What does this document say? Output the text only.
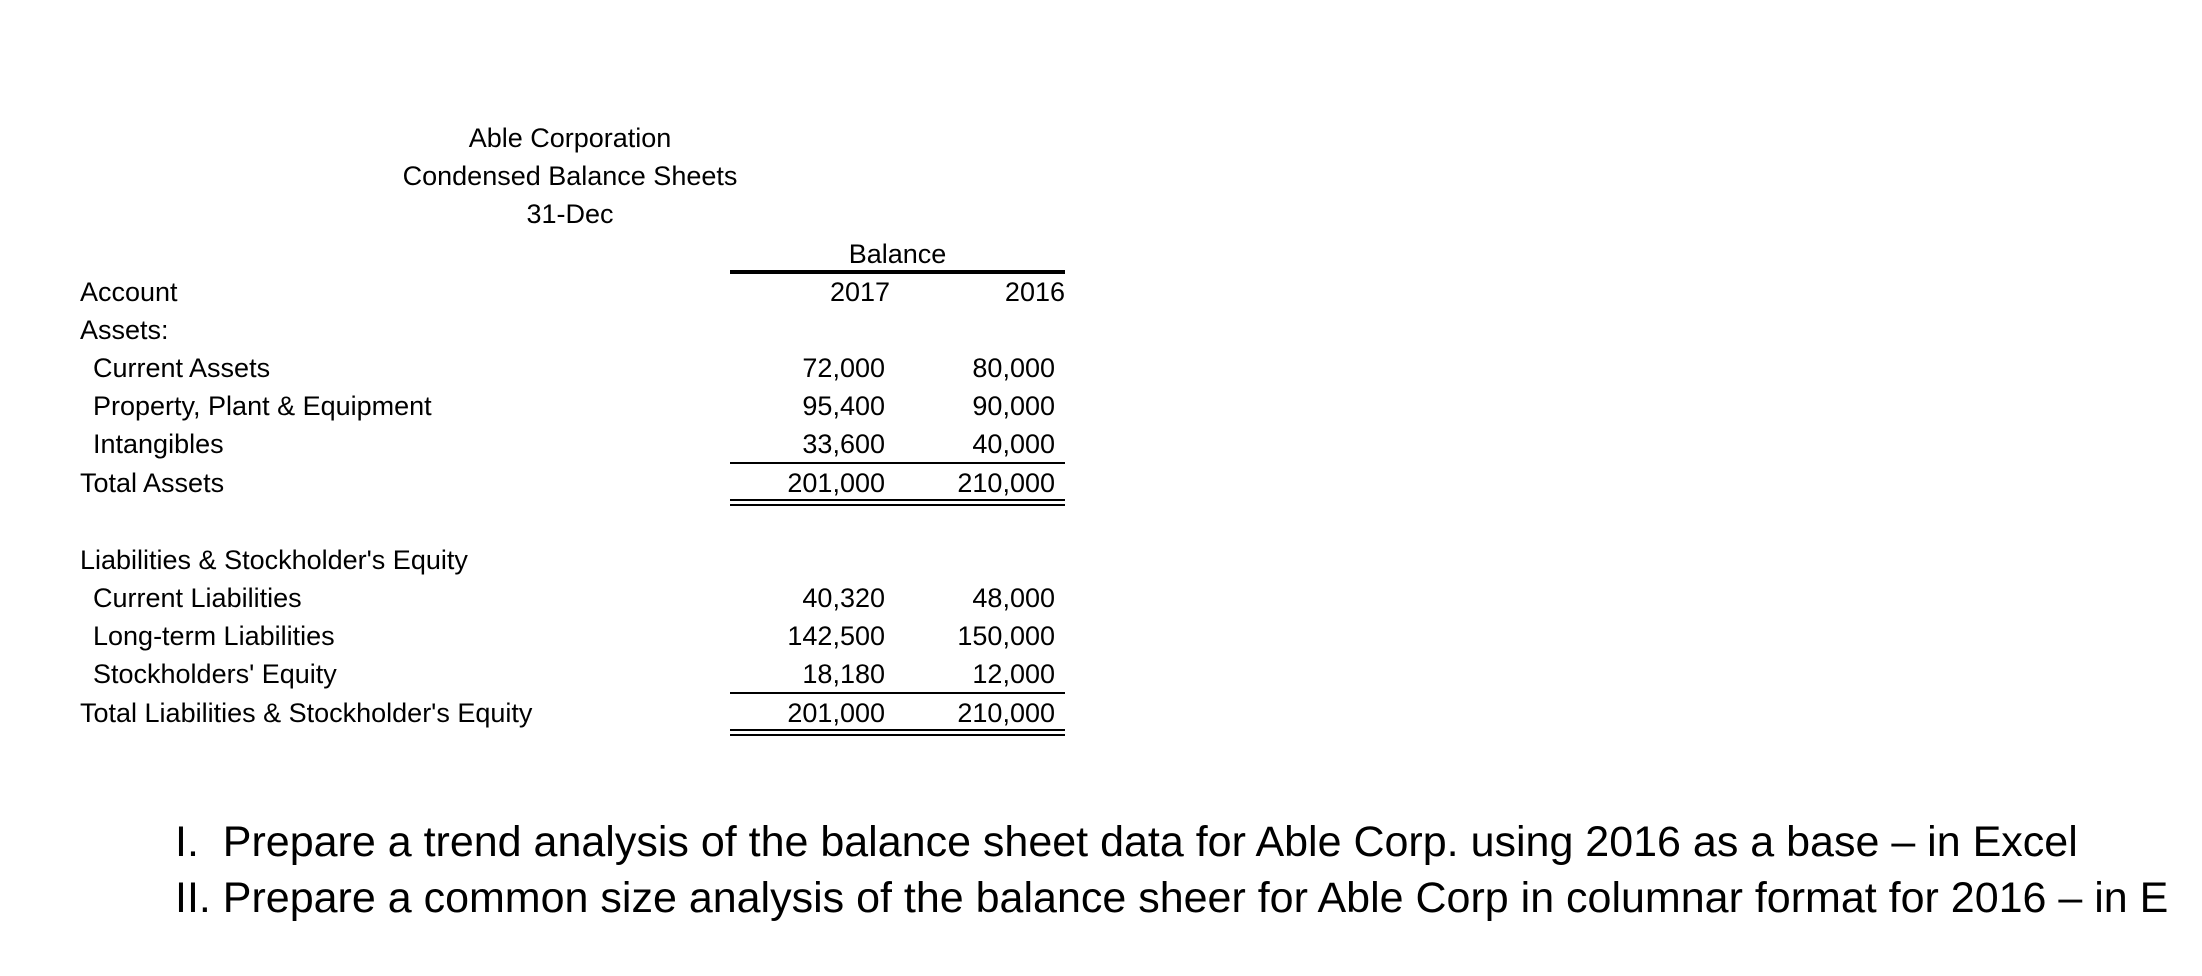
Able Corporation
Condensed Balance Sheets
31-Dec
Balance
Account	2017	2016
Assets:
Current Assets	72,000	80,000
Property, Plant & Equipment	95,400	90,000
Intangibles	33,600	40,000
Total Assets	201,000	210,000
Liabilities & Stockholder's Equity
Current Liabilities	40,320	48,000
Long-term Liabilities	142,500	150,000
Stockholders' Equity	18,180	12,000
Total Liabilities & Stockholder's Equity	201,000	210,000
I.  Prepare a trend analysis of the balance sheet data for Able Corp. using 2016 as a base – in Excel
II. Prepare a common size analysis of the balance sheer for Able Corp in columnar format for 2016 – in E
